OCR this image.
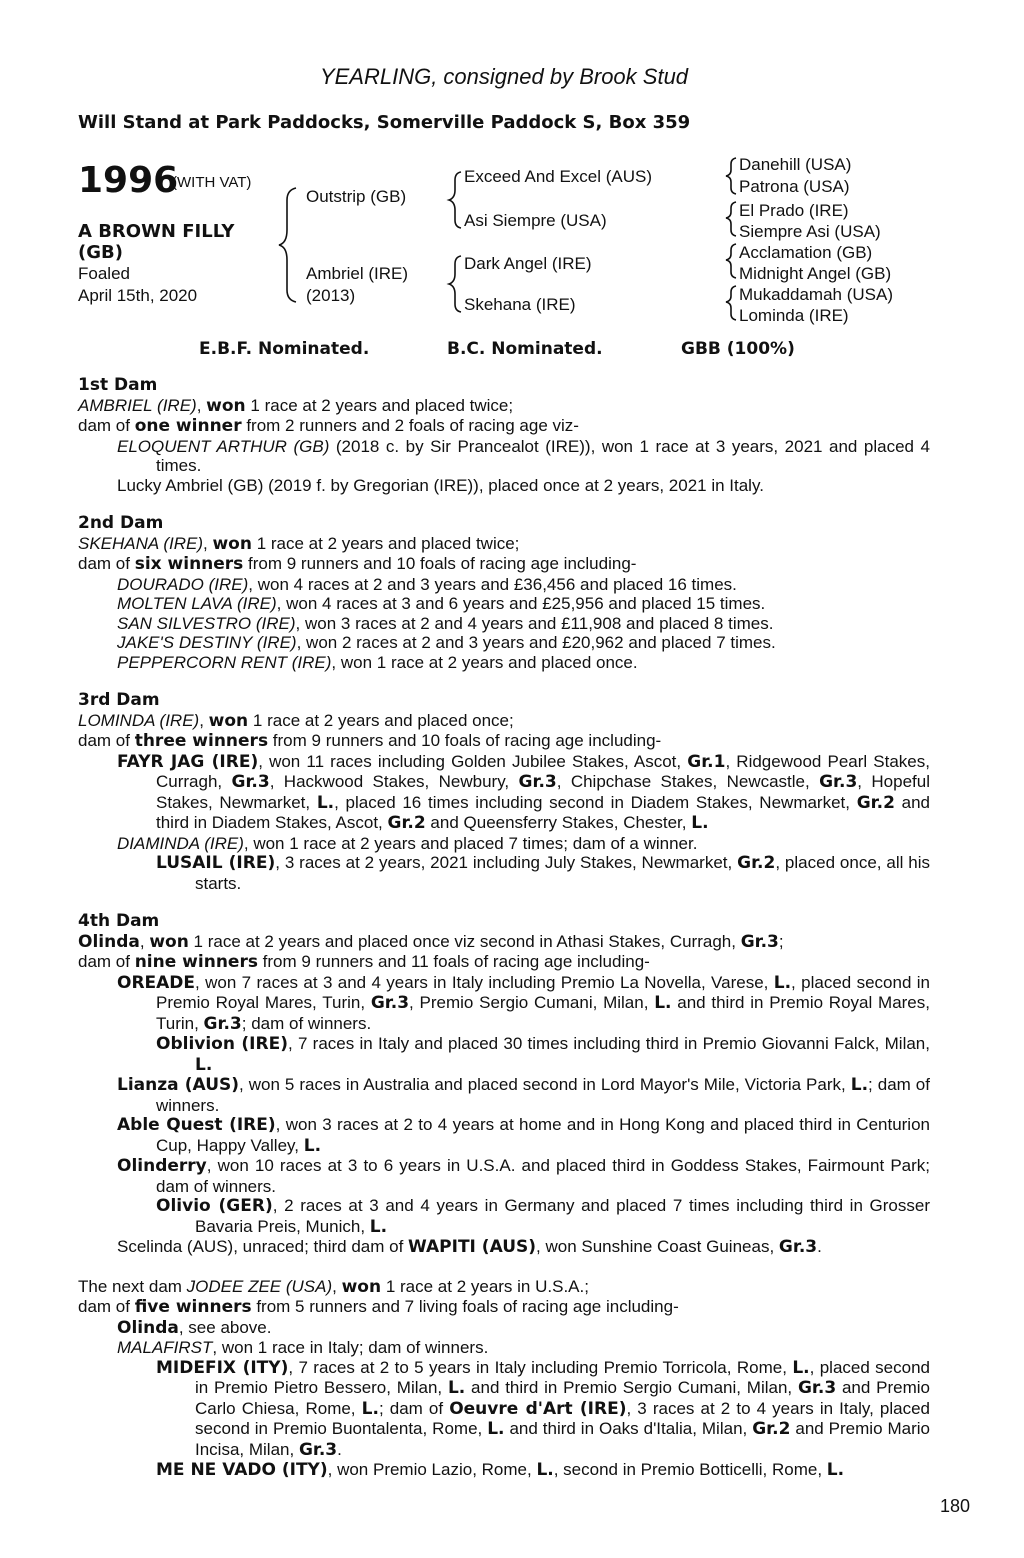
YEARLING, consigned by Brook Stud
Will Stand at Park Paddocks, Somerville Paddock S, Box 359
1996
(WITH VAT)
A BROWN FILLY
(GB)
Foaled
April 15th, 2020
Outstrip (GB)
Ambriel (IRE)
(2013)
Exceed And Excel (AUS)
Asi Siempre (USA)
Dark Angel (IRE)
Skehana (IRE)
Danehill (USA)
Patrona (USA)
El Prado (IRE)
Siempre Asi (USA)
Acclamation (GB)
Midnight Angel (GB)
Mukaddamah (USA)
Lominda (IRE)
E.B.F. Nominated.	B.C. Nominated.	GBB (100%)

1st Dam

AMBRIEL (IRE), won 1 race at 2 years and placed twice;

dam of one winner from 2 runners and 2 foals of racing age viz-

ELOQUENT ARTHUR (GB) (2018 c. by Sir Prancealot (IRE)), won 1 race at 3 years, 2021 and placed 4 times.

Lucky Ambriel (GB) (2019 f. by Gregorian (IRE)), placed once at 2 years, 2021 in Italy.

2nd Dam

SKEHANA (IRE), won 1 race at 2 years and placed twice;

dam of six winners from 9 runners and 10 foals of racing age including-

DOURADO (IRE), won 4 races at 2 and 3 years and £36,456 and placed 16 times.

MOLTEN LAVA (IRE), won 4 races at 3 and 6 years and £25,956 and placed 15 times.

SAN SILVESTRO (IRE), won 3 races at 2 and 4 years and £11,908 and placed 8 times.

JAKE'S DESTINY (IRE), won 2 races at 2 and 3 years and £20,962 and placed 7 times.

PEPPERCORN RENT (IRE), won 1 race at 2 years and placed once.

3rd Dam

LOMINDA (IRE), won 1 race at 2 years and placed once;

dam of three winners from 9 runners and 10 foals of racing age including-

FAYR JAG (IRE), won 11 races including Golden Jubilee Stakes, Ascot, Gr.1, Ridgewood Pearl Stakes, Curragh, Gr.3, Hackwood Stakes, Newbury, Gr.3, Chipchase Stakes, Newcastle, Gr.3, Hopeful Stakes, Newmarket, L., placed 16 times including second in Diadem Stakes, Newmarket, Gr.2 and third in Diadem Stakes, Ascot, Gr.2 and Queensferry Stakes, Chester, L.

DIAMINDA (IRE), won 1 race at 2 years and placed 7 times; dam of a winner.

LUSAIL (IRE), 3 races at 2 years, 2021 including July Stakes, Newmarket, Gr.2, placed once, all his starts.

4th Dam

Olinda, won 1 race at 2 years and placed once viz second in Athasi Stakes, Curragh, Gr.3;

dam of nine winners from 9 runners and 11 foals of racing age including-

OREADE, won 7 races at 3 and 4 years in Italy including Premio La Novella, Varese, L., placed second in Premio Royal Mares, Turin, Gr.3, Premio Sergio Cumani, Milan, L. and third in Premio Royal Mares, Turin, Gr.3; dam of winners.

Oblivion (IRE), 7 races in Italy and placed 30 times including third in Premio Giovanni Falck, Milan, L.

Lianza (AUS), won 5 races in Australia and placed second in Lord Mayor's Mile, Victoria Park, L.; dam of winners.

Able Quest (IRE), won 3 races at 2 to 4 years at home and in Hong Kong and placed third in Centurion Cup, Happy Valley, L.

Olinderry, won 10 races at 3 to 6 years in U.S.A. and placed third in Goddess Stakes, Fairmount Park; dam of winners.

Olivio (GER), 2 races at 3 and 4 years in Germany and placed 7 times including third in Grosser Bavaria Preis, Munich, L.

Scelinda (AUS), unraced; third dam of WAPITI (AUS), won Sunshine Coast Guineas, Gr.3.

The next dam JODEE ZEE (USA), won 1 race at 2 years in U.S.A.;

dam of five winners from 5 runners and 7 living foals of racing age including-

Olinda, see above.

MALAFIRST, won 1 race in Italy; dam of winners.

MIDEFIX (ITY), 7 races at 2 to 5 years in Italy including Premio Torricola, Rome, L., placed second in Premio Pietro Bessero, Milan, L. and third in Premio Sergio Cumani, Milan, Gr.3 and Premio Carlo Chiesa, Rome, L.; dam of Oeuvre d'Art (IRE), 3 races at 2 to 4 years in Italy, placed second in Premio Buontalenta, Rome, L. and third in Oaks d'Italia, Milan, Gr.2 and Premio Mario Incisa, Milan, Gr.3.

ME NE VADO (ITY), won Premio Lazio, Rome, L., second in Premio Botticelli, Rome, L.

180
